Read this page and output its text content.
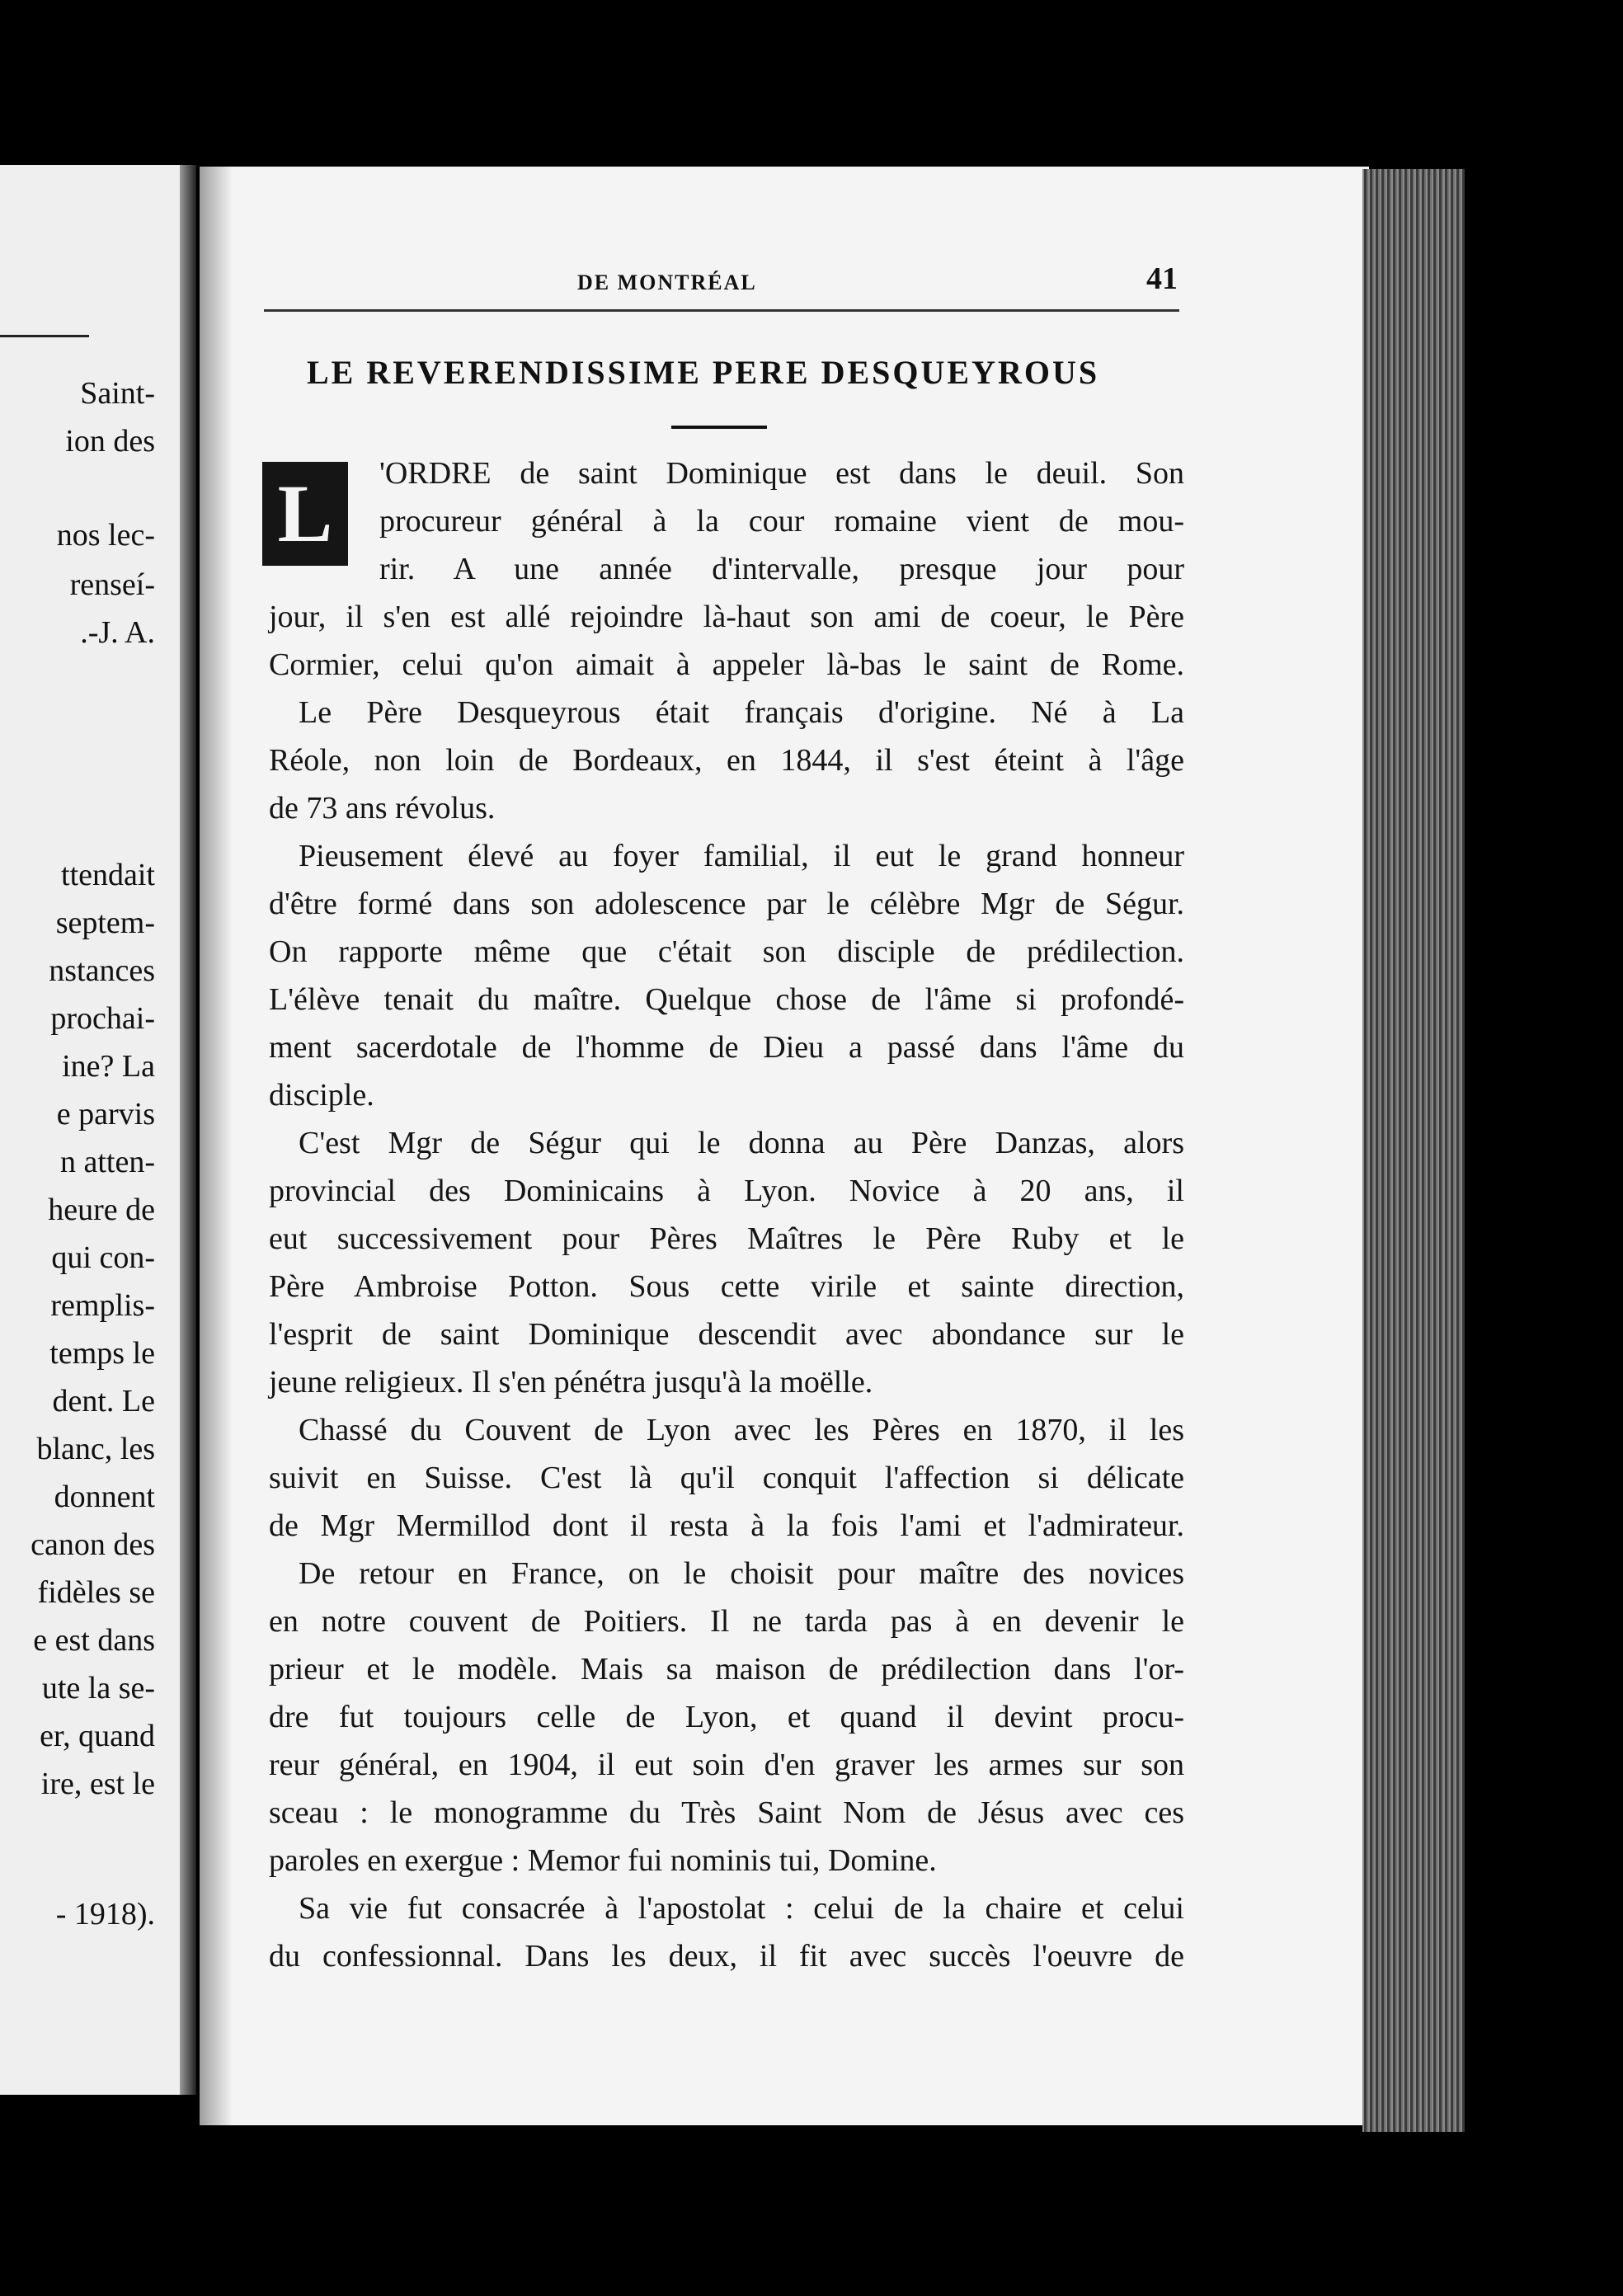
Saint-
ion des
nos lec-
renseí-
.-J. A.
ttendait
septem-
nstances
prochai-
ine? La
e parvis
n atten-
heure de
qui con-
remplis-
temps le
dent. Le
blanc, les
donnent
canon des
fidèles se
e est dans
ute la se-
er, quand
ire, est le
- 1918).
DE MONTRÉAL	41
LE REVERENDISSIME PERE DESQUEYROUS
L	'ORDRE de saint Dominique est dans le deuil. Son
procureur général à la cour romaine vient de mou-
rir. A une année d'intervalle, presque jour pour
jour, il s'en est allé rejoindre là-haut son ami de coeur, le Père
Cormier, celui qu'on aimait à appeler là-bas le saint de Rome.
Le Père Desqueyrous était français d'origine. Né à La
Réole, non loin de Bordeaux, en 1844, il s'est éteint à l'âge
de 73 ans révolus.
Pieusement élevé au foyer familial, il eut le grand honneur
d'être formé dans son adolescence par le célèbre Mgr de Ségur.
On rapporte même que c'était son disciple de prédilection.
L'élève tenait du maître. Quelque chose de l'âme si profondé-
ment sacerdotale de l'homme de Dieu a passé dans l'âme du
disciple.
C'est Mgr de Ségur qui le donna au Père Danzas, alors
provincial des Dominicains à Lyon. Novice à 20 ans, il
eut successivement pour Pères Maîtres le Père Ruby et le
Père Ambroise Potton. Sous cette virile et sainte direction,
l'esprit de saint Dominique descendit avec abondance sur le
jeune religieux. Il s'en pénétra jusqu'à la moëlle.
Chassé du Couvent de Lyon avec les Pères en 1870, il les
suivit en Suisse. C'est là qu'il conquit l'affection si délicate
de Mgr Mermillod dont il resta à la fois l'ami et l'admirateur.
De retour en France, on le choisit pour maître des novices
en notre couvent de Poitiers. Il ne tarda pas à en devenir le
prieur et le modèle. Mais sa maison de prédilection dans l'or-
dre fut toujours celle de Lyon, et quand il devint procu-
reur général, en 1904, il eut soin d'en graver les armes sur son
sceau : le monogramme du Très Saint Nom de Jésus avec ces
paroles en exergue : Memor fui nominis tui, Domine.
Sa vie fut consacrée à l'apostolat : celui de la chaire et celui
du confessionnal. Dans les deux, il fit avec succès l'oeuvre de
